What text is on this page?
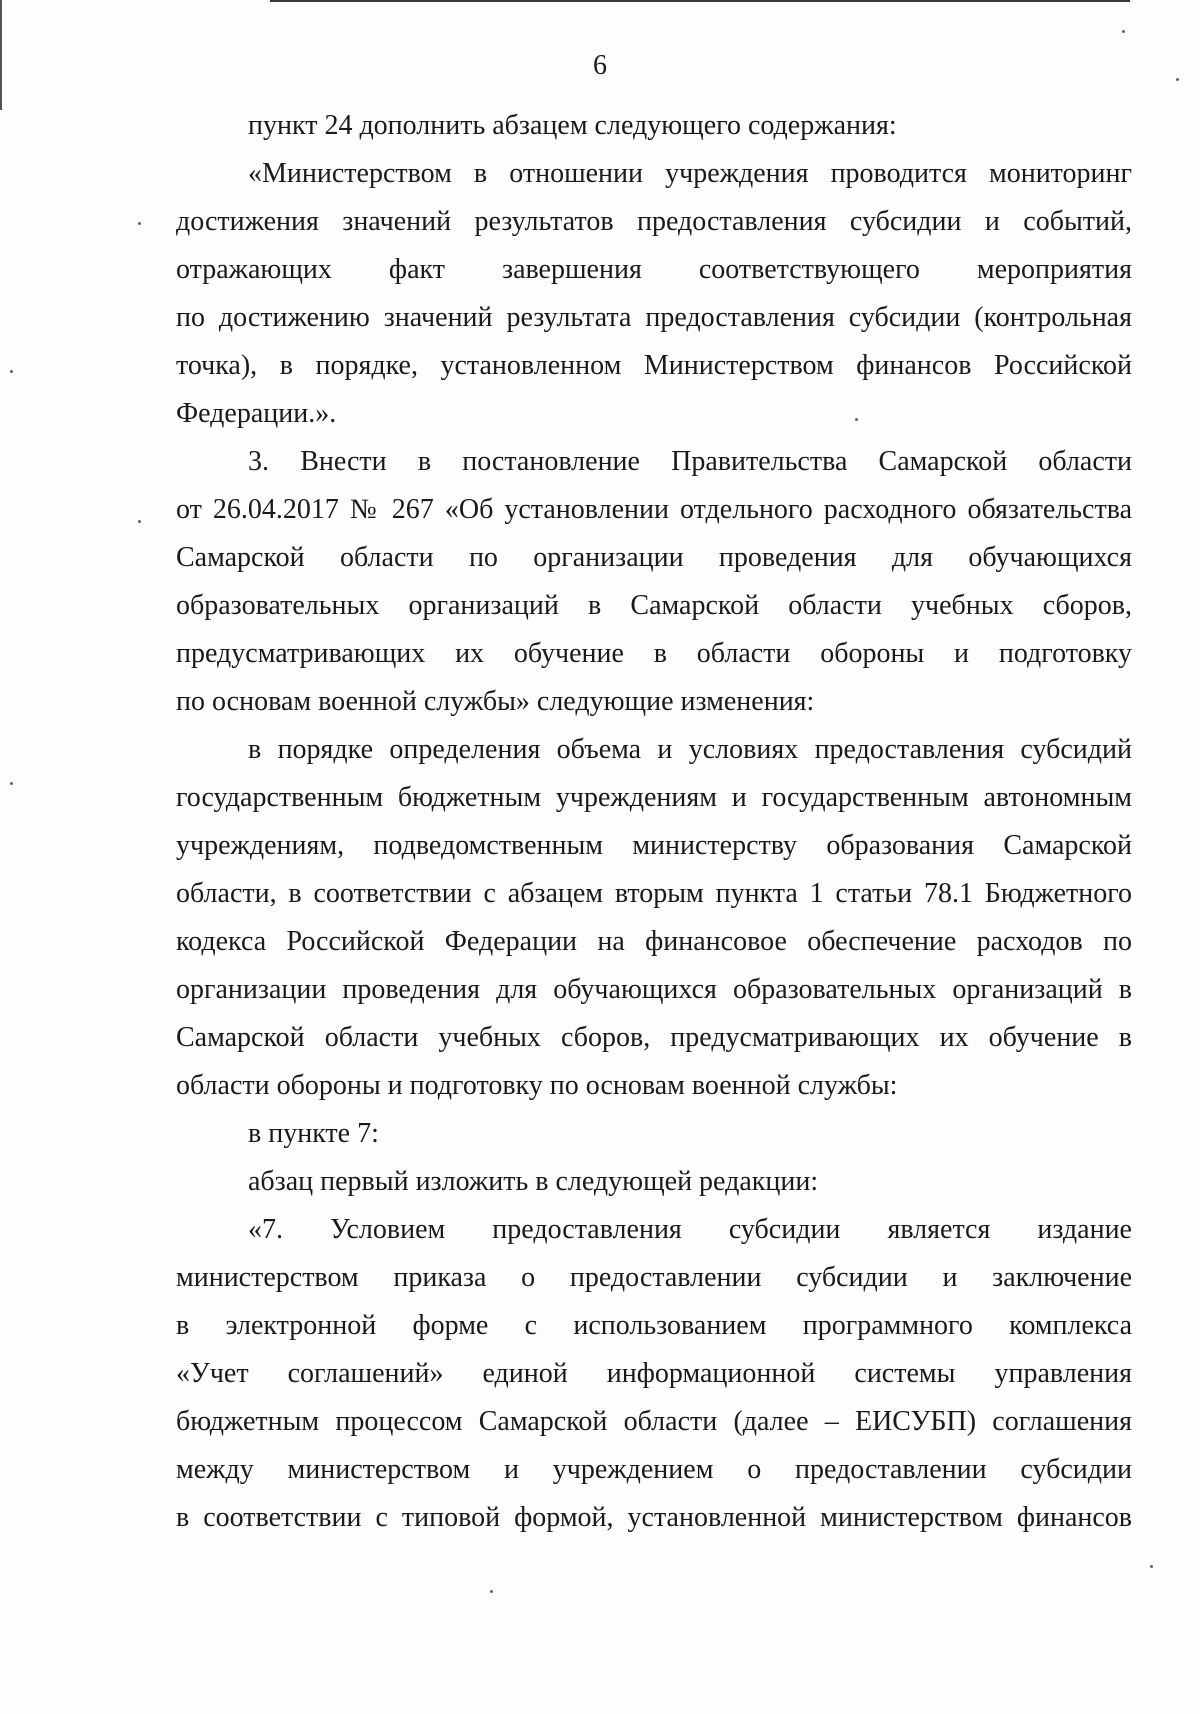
6
пункт 24 дополнить абзацем следующего содержания:
«Министерством в отношении учреждения проводится мониторинг
достижения значений результатов предоставления субсидии и событий,
отражающих факт завершения соответствующего мероприятия
по достижению значений результата предоставления субсидии (контрольная
точка), в порядке, установленном Министерством финансов Российской
Федерации.».
3. Внести в постановление Правительства Самарской области
от 26.04.2017 № 267 «Об установлении отдельного расходного обязательства
Самарской области по организации проведения для обучающихся
образовательных организаций в Самарской области учебных сборов,
предусматривающих их обучение в области обороны и подготовку
по основам военной службы» следующие изменения:
в порядке определения объема и условиях предоставления субсидий
государственным бюджетным учреждениям и государственным автономным
учреждениям, подведомственным министерству образования Самарской
области, в соответствии с абзацем вторым пункта 1 статьи 78.1 Бюджетного
кодекса Российской Федерации на финансовое обеспечение расходов по
организации проведения для обучающихся образовательных организаций в
Самарской области учебных сборов, предусматривающих их обучение в
области обороны и подготовку по основам военной службы:
в пункте 7:
абзац первый изложить в следующей редакции:
«7. Условием предоставления субсидии является издание
министерством приказа о предоставлении субсидии и заключение
в электронной форме с использованием программного комплекса
«Учет соглашений» единой информационной системы управления
бюджетным процессом Самарской области (далее – ЕИСУБП) соглашения
между министерством и учреждением о предоставлении субсидии
в соответствии с типовой формой, установленной министерством финансов
